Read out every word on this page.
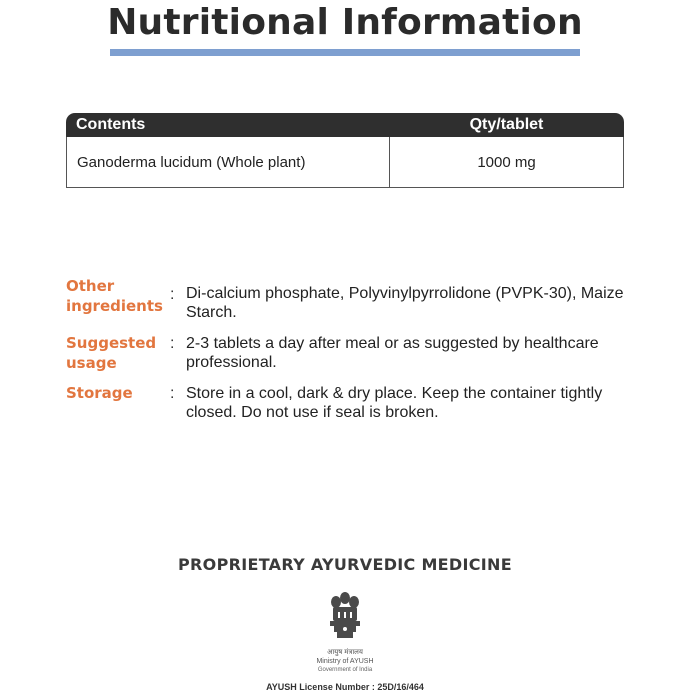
Nutritional Information
Contents	Qty/tablet
Ganoderma lucidum (Whole plant)	1000 mg
Other
ingredients
: Di-calcium phosphate, Polyvinylpyrrolidone (PVPK-30), Maize Starch.
Suggested
usage
: 2-3 tablets a day after meal or as suggested by healthcare professional.
Storage : Store in a cool, dark & dry place. Keep the container tightly closed. Do not use if seal is broken.
PROPRIETARY AYURVEDIC MEDICINE
आयुष मंत्रालय
Ministry of AYUSH
Government of India
AYUSH License Number : 25D/16/464
